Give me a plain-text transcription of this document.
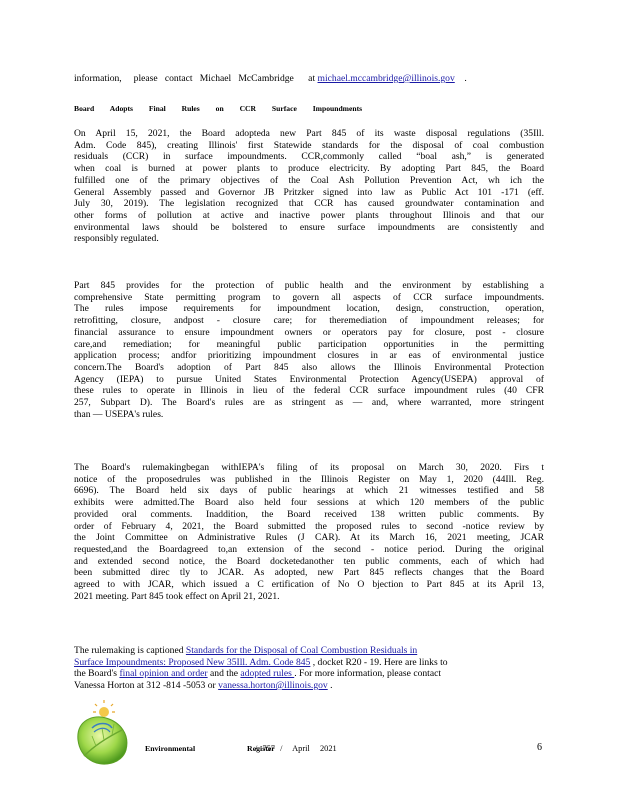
information,     please   contact   Michael   McCambridge      at michael.mccambridge@illinois.gov    .
Board Adopts Final Rules on CCR Surface Impoundments
On April 15, 2021, the Board adopteda new Part 845 of its waste disposal regulations (35Ill.
Adm. Code 845), creating Illinois' first Statewide standards for the disposal of coal combustion
residuals (CCR) in surface impoundments. CCR,commonly called “boal ash,” is generated
when coal is burned at power plants to produce electricity. By adopting Part 845, the Board
fulfilled one of the primary objectives of the Coal Ash Pollution Prevention Act, wh ich the
General Assembly passed and Governor JB Pritzker signed into law as Public Act 101 -171 (eff.
July 30, 2019). The legislation recognized that CCR has caused groundwater contamination and
other forms of pollution at active and inactive power plants throughout Illinois and that our
environmental laws should be bolstered to ensure surface impoundments are consistently and
responsibly regulated.
Part 845 provides for the protection of public health and the environment by establishing a
comprehensive State permitting program to govern all aspects of CCR surface impoundments.
The rules impose requirements for impoundment location, design, construction, operation,
retrofitting, closure, andpost - closure care; for theremediation of impoundment releases; for
financial assurance to ensure impoundment owners or operators pay for closure, post - closure
care,and remediation; for meaningful public participation opportunities in the permitting
application process; andfor prioritizing impoundment closures in ar eas of environmental justice
concern.The Board's adoption of Part 845 also allows the Illinois Environmental Protection
Agency (IEPA) to pursue United States Environmental Protection Agency(USEPA) approval of
these rules to operate in Illinois in lieu of the federal CCR surface impoundment rules (40 CFR
257, Subpart D). The Board's rules are as stringent as — and, where warranted, more stringent
than — USEPA's rules.
The Board's rulemakingbegan withIEPA's filing of its proposal on March 30, 2020. Firs t
notice of the proposedrules was published in the Illinois Register on May 1, 2020 (44Ill. Reg.
6696). The Board held six days of public hearings at which 21 witnesses testified and 58
exhibits were admitted.The Board also held four sessions at which 120 members of the public
provided oral comments. Inaddition, the Board received 138 written public comments. By
order of February 4, 2021, the Board submitted the proposed rules to second -notice review by
the Joint Committee on Administrative Rules (J CAR). At its March 16, 2021 meeting, JCAR
requested,and the Boardagreed to,an extension of the second - notice period. During the original
and extended second notice, the Board docketedanother ten public comments, each of which had
been submitted direc tly to JCAR. As adopted, new Part 845 reflects changes that the Board
agreed to with JCAR, which issued a C ertification of No O bjection to Part 845 at its April 13,
2021 meeting. Part 845 took effect on April 21, 2021.
The rulemaking is captioned Standards for the Disposal of Coal Combustion Residuals in
Surface Impoundments: Proposed New 35Ill. Adm. Code 845 , docket R20 - 19. Here are links to
the Board's final opinion and order and the adopted rules . For more information, please contact
Vanessa Horton at 312 -814 -5053 or vanessa.horton@illinois.gov .
Environmental Register
/ 757 /  April  2021	6
